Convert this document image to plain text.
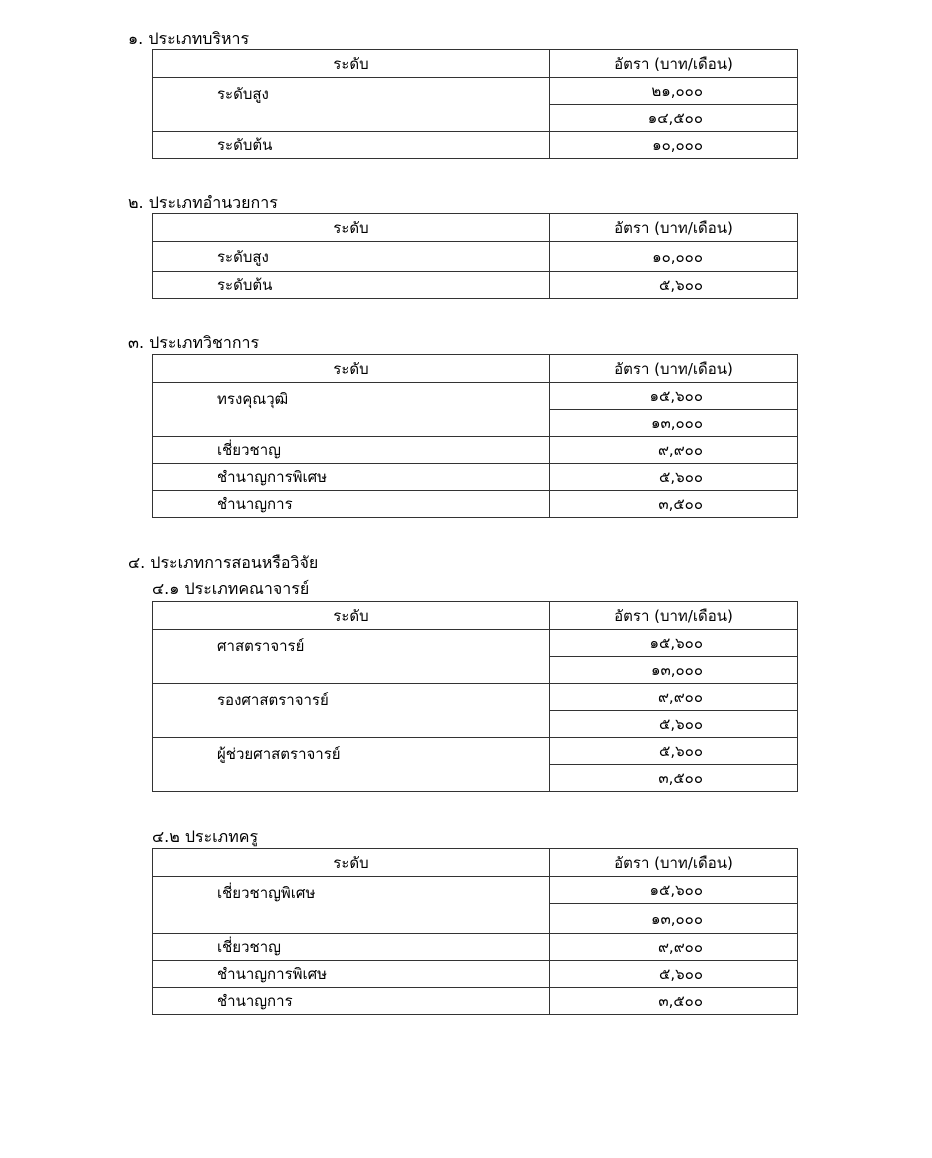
๑. ประเภทบริหาร
ระดับ	อัตรา (บาท/เดือน)
ระดับสูง	๒๑,๐๐๐
	๑๔,๕๐๐
ระดับต้น	๑๐,๐๐๐
๒. ประเภทอำนวยการ
ระดับ	อัตรา (บาท/เดือน)
ระดับสูง	๑๐,๐๐๐
ระดับต้น	๕,๖๐๐
๓. ประเภทวิชาการ
ระดับ	อัตรา (บาท/เดือน)
ทรงคุณวุฒิ	๑๕,๖๐๐
	๑๓,๐๐๐
เชี่ยวชาญ	๙,๙๐๐
ชำนาญการพิเศษ	๕,๖๐๐
ชำนาญการ	๓,๕๐๐
๔. ประเภทการสอนหรือวิจัย
๔.๑ ประเภทคณาจารย์
ระดับ	อัตรา (บาท/เดือน)
ศาสตราจารย์	๑๕,๖๐๐
	๑๓,๐๐๐
รองศาสตราจารย์	๙,๙๐๐
	๕,๖๐๐
ผู้ช่วยศาสตราจารย์	๕,๖๐๐
	๓,๕๐๐
๔.๒ ประเภทครู
ระดับ	อัตรา (บาท/เดือน)
เชี่ยวชาญพิเศษ	๑๕,๖๐๐
	๑๓,๐๐๐
เชี่ยวชาญ	๙,๙๐๐
ชำนาญการพิเศษ	๕,๖๐๐
ชำนาญการ	๓,๕๐๐
